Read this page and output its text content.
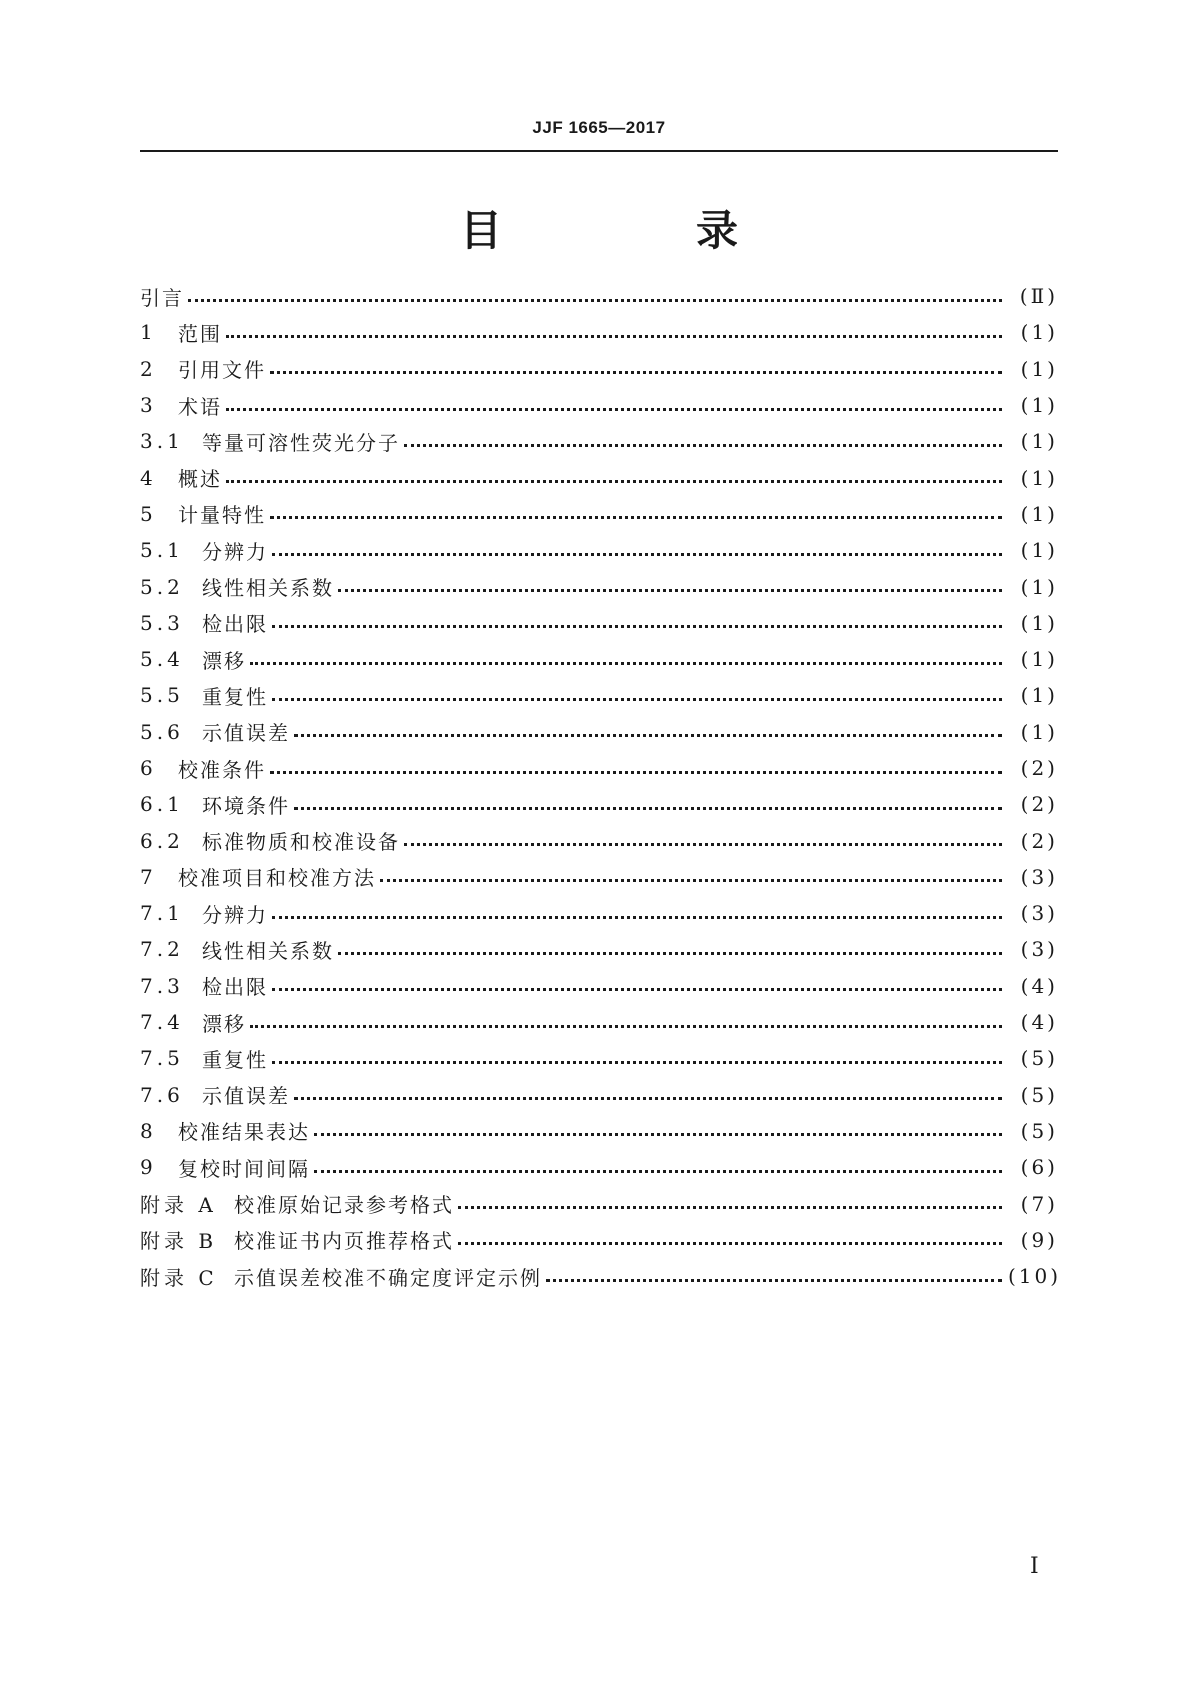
JJF 1665—2017
目　录
引言	(Ⅱ)
1	范围	(1)
2	引用文件	(1)
3	术语	(1)
3.1 等量可溶性荧光分子	(1)
4	概述	(1)
5	计量特性	(1)
5.1 分辨力	(1)
5.2 线性相关系数	(1)
5.3 检出限	(1)
5.4 漂移	(1)
5.5 重复性	(1)
5.6 示值误差	(1)
6	校准条件	(2)
6.1 环境条件	(2)
6.2 标准物质和校准设备	(2)
7	校准项目和校准方法	(3)
7.1 分辨力	(3)
7.2 线性相关系数	(3)
7.3 检出限	(4)
7.4 漂移	(4)
7.5 重复性	(5)
7.6 示值误差	(5)
8	校准结果表达	(5)
9	复校时间间隔	(6)
附录 A 校准原始记录参考格式	(7)
附录 B 校准证书内页推荐格式	(9)
附录 C 示值误差校准不确定度评定示例	(10)
Ⅰ
